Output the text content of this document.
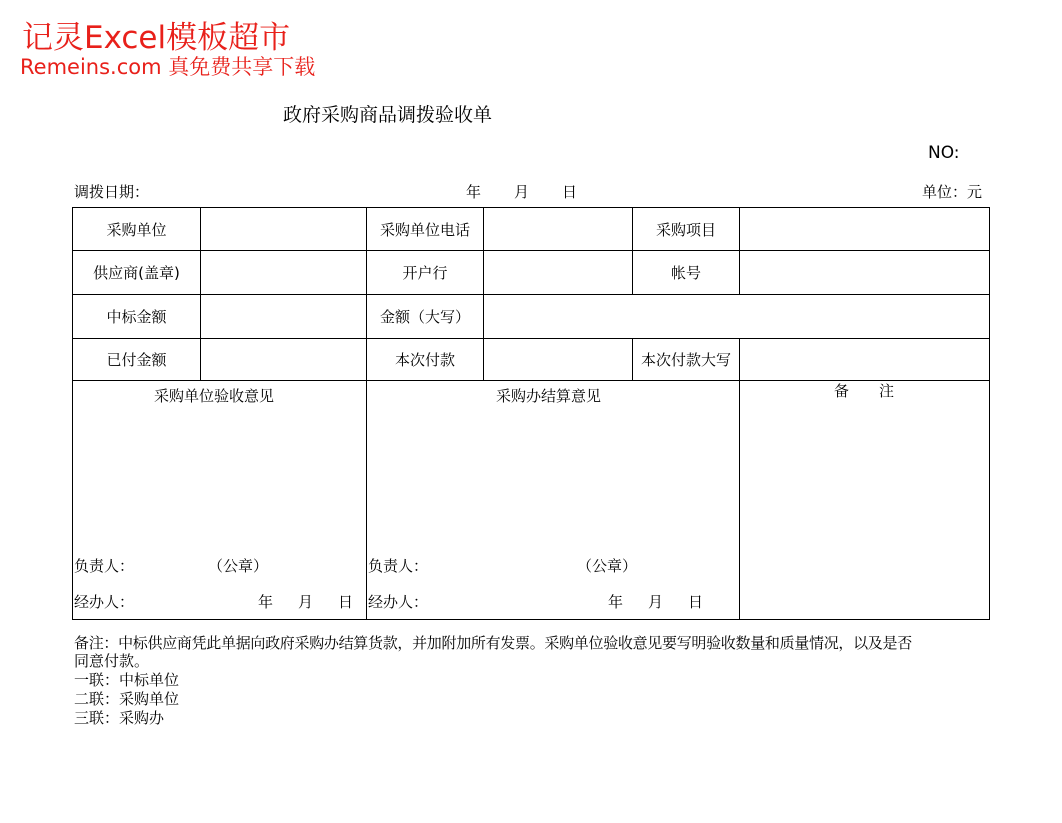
记灵Excel模板超市
Remeins.com 真免费共享下载
政府采购商品调拨验收单
NO:
调拨日期：	年 月 日	单位：元
采购单位	采购单位电话	采购项目
供应商(盖章)	开户行	帐号
中标金额	金额（大写）
已付金额	本次付款	本次付款大写
采购单位验收意见	采购办结算意见	备　　注
负责人：	（公章）
经办人：	年 月 日
负责人：	（公章）
经办人：	年 月 日
备注：中标供应商凭此单据向政府采购办结算货款，并加附加所有发票。采购单位验收意见要写明验收数量和质量情况，以及是否
同意付款。
一联：中标单位
二联：采购单位
三联：采购办
